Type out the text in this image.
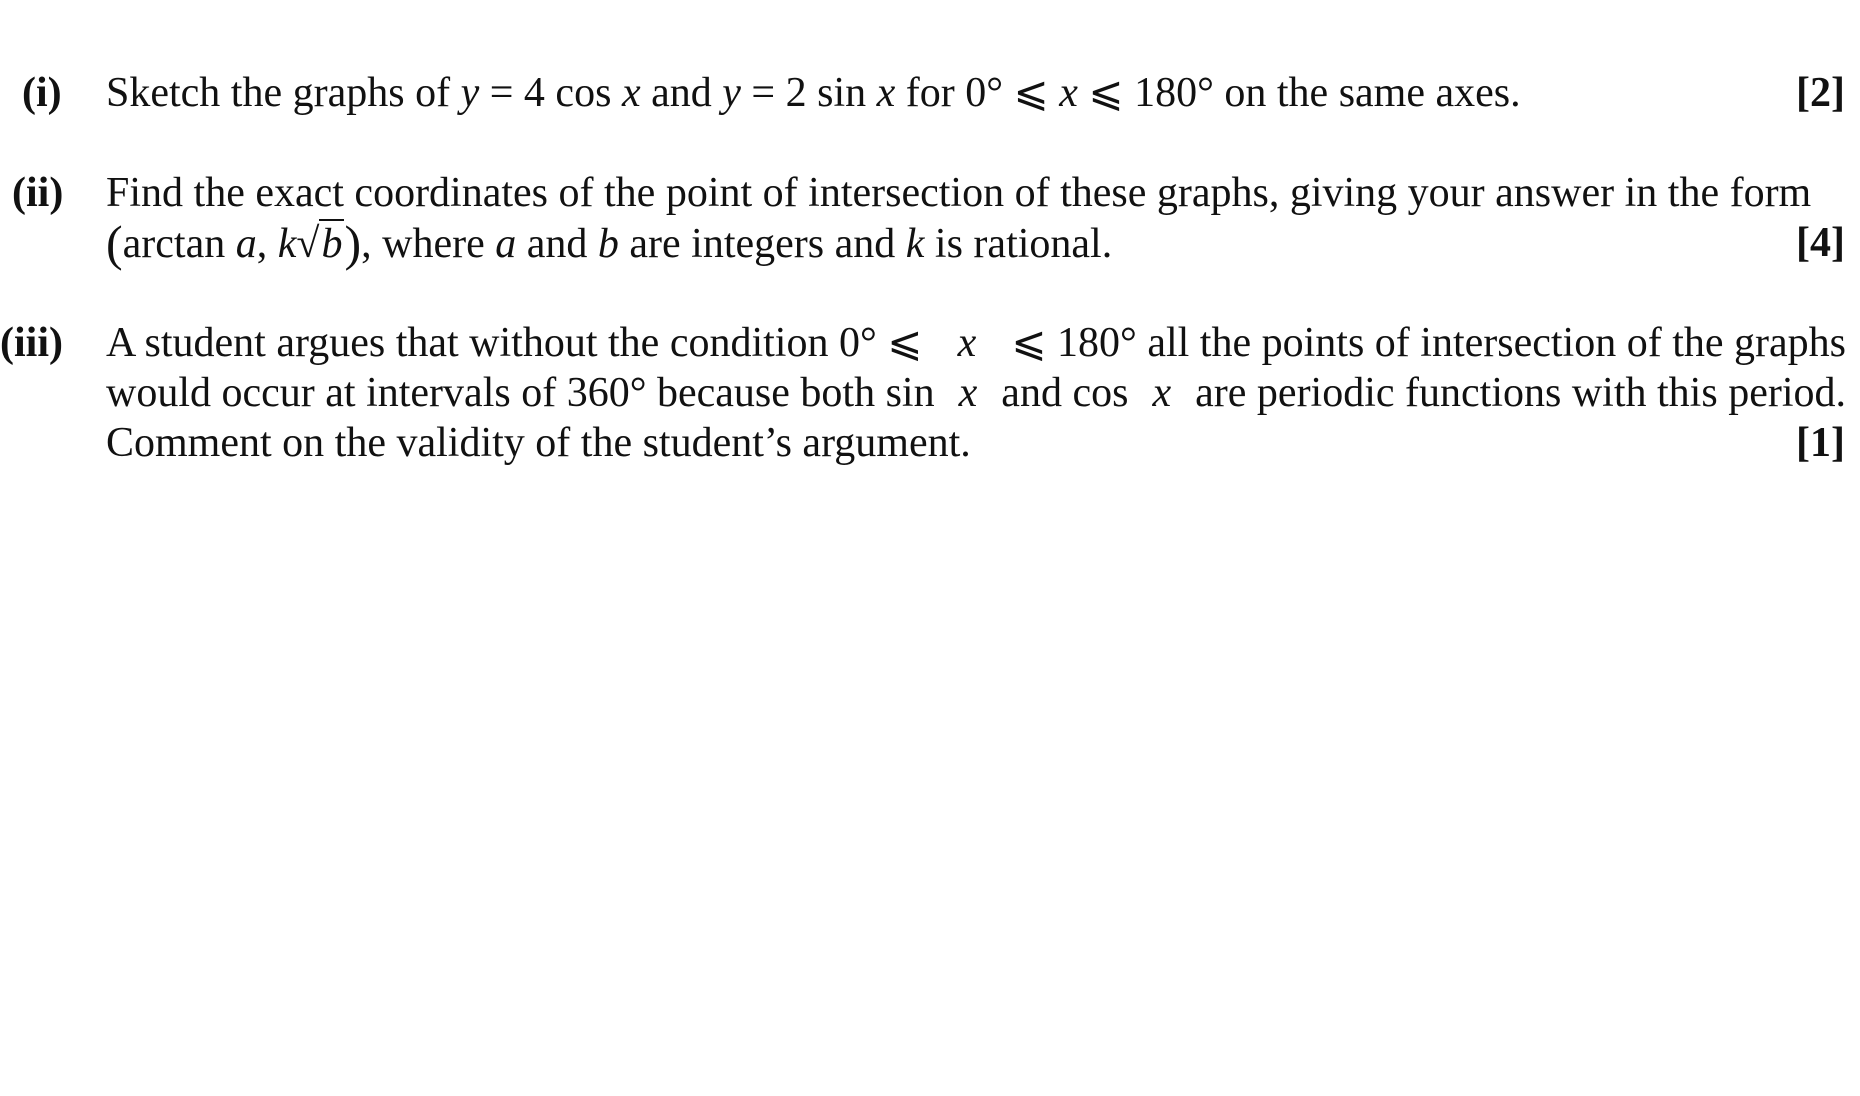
(i) Sketch the graphs of y = 4 cos x and y = 2 sin x for 0° ⩽ x ⩽ 180° on the same axes.	[2]
(ii) Find the exact coordinates of the point of intersection of these graphs, giving your answer in the form
(arctan a, k√b), where a and b are integers and k is rational.	[4]
(iii) A student argues that without the condition 0° ⩽ x ⩽ 180° all the points of intersection of the graphs
would occur at intervals of 360° because both sin x and cos x are periodic functions with this period.
Comment on the validity of the student’s argument.	[1]
